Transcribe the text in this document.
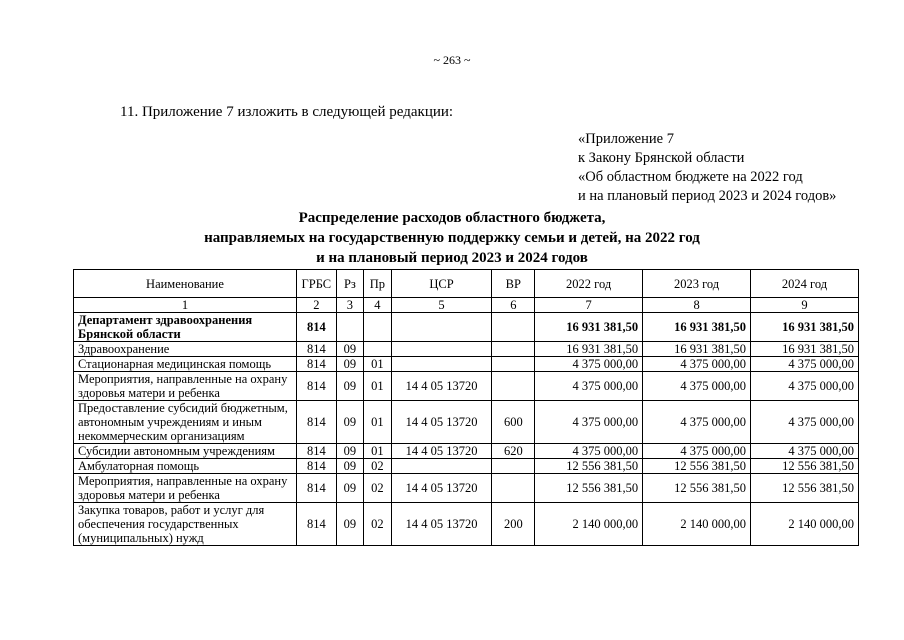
~ 263 ~
11. Приложение 7 изложить в следующей редакции:
«Приложение 7
к Закону Брянской области
«Об областном бюджете на 2022 год
и на плановый период 2023 и 2024 годов»
Распределение расходов областного бюджета,
направляемых на государственную поддержку семьи и детей, на 2022 год
и на плановый период 2023 и 2024 годов
Наименование	ГРБС	Рз	Пр	ЦСР	ВР	2022 год	2023 год	2024 год
1	2	3	4	5	6	7	8	9
Департамент здравоохранения Брянской области	814					16 931 381,50	16 931 381,50	16 931 381,50
Здравоохранение	814	09				16 931 381,50	16 931 381,50	16 931 381,50
Стационарная медицинская помощь	814	09	01			4 375 000,00	4 375 000,00	4 375 000,00
Мероприятия, направленные на охрану здоровья матери и ребенка	814	09	01	14 4 05 13720		4 375 000,00	4 375 000,00	4 375 000,00
Предоставление субсидий бюджетным, автономным учреждениям и иным некоммерческим организациям	814	09	01	14 4 05 13720	600	4 375 000,00	4 375 000,00	4 375 000,00
Субсидии автономным учреждениям	814	09	01	14 4 05 13720	620	4 375 000,00	4 375 000,00	4 375 000,00
Амбулаторная помощь	814	09	02			12 556 381,50	12 556 381,50	12 556 381,50
Мероприятия, направленные на охрану здоровья матери и ребенка	814	09	02	14 4 05 13720		12 556 381,50	12 556 381,50	12 556 381,50
Закупка товаров, работ и услуг для обеспечения государственных (муниципальных) нужд	814	09	02	14 4 05 13720	200	2 140 000,00	2 140 000,00	2 140 000,00
